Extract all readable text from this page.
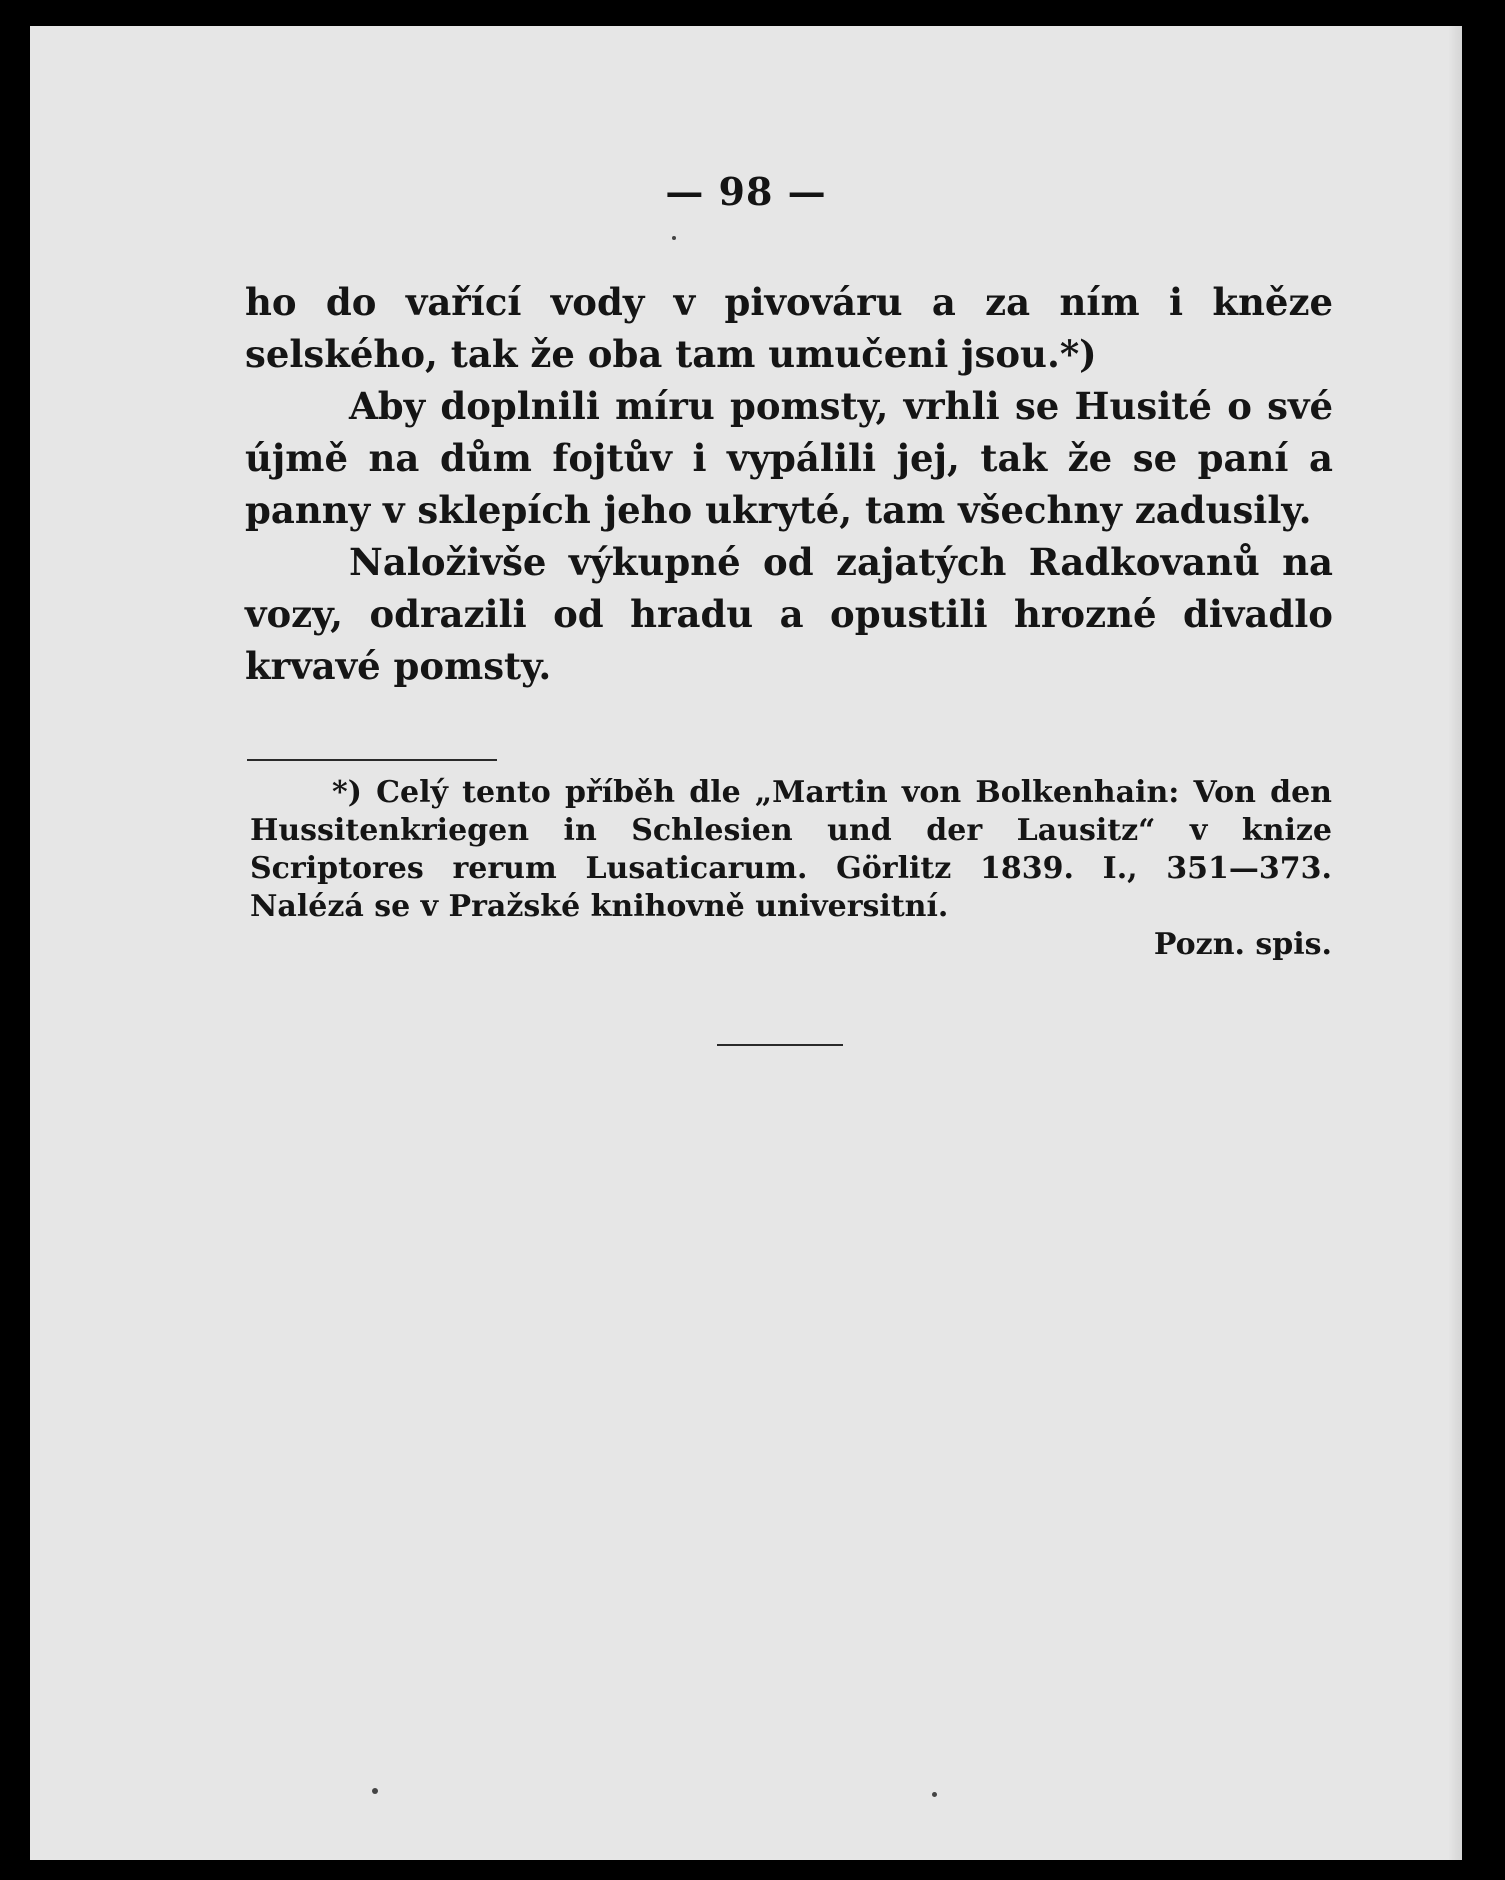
— 98 —

ho do vařící vody v pivováru a za ním i kněze selského, tak že oba tam umučeni jsou.*)

Aby doplnili míru pomsty, vrhli se Husité o své újmě na dům fojtův i vypálili jej, tak že se paní a panny v sklepích jeho ukryté, tam všechny zadusily.

Naloživše výkupné od zajatých Radkovanů na vozy, odrazili od hradu a opustili hrozné divadlo krvavé pomsty.

*) Celý tento příběh dle „Martin von Bolkenhain: Von den Hussitenkriegen in Schlesien und der Lausitz“ v knize Scriptores rerum Lusaticarum. Görlitz 1839. I., 351—373. Nalézá se v Pražské knihovně universitní.

Pozn. spis.
